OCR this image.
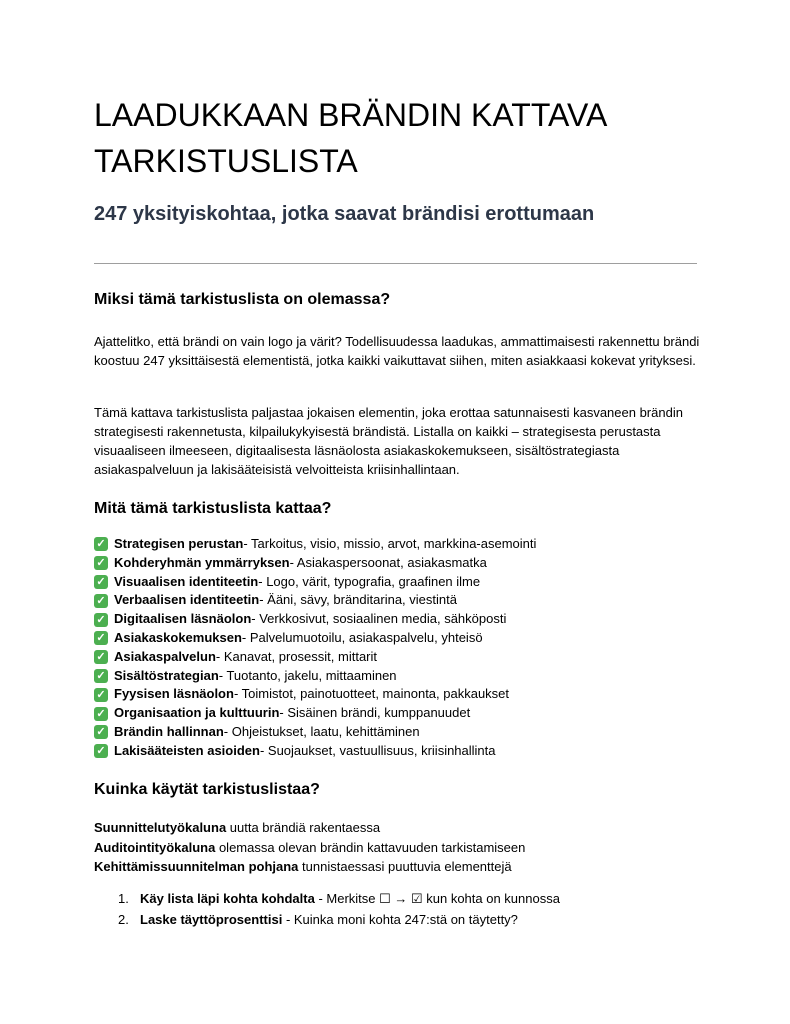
LAADUKKAAN BRÄNDIN KATTAVA TARKISTUSLISTA
247 yksityiskohtaa, jotka saavat brändisi erottumaan
Miksi tämä tarkistuslista on olemassa?

Ajattelitko, että brändi on vain logo ja värit? Todellisuudessa laadukas, ammattimaisesti rakennettu brändi koostuu 247 yksittäisestä elementistä, jotka kaikki vaikuttavat siihen, miten asiakkaasi kokevat yrityksesi.

Tämä kattava tarkistuslista paljastaa jokaisen elementin, joka erottaa satunnaisesti kasvaneen brändin strategisesti rakennetusta, kilpailukykyisestä brändistä. Listalla on kaikki – strategisesta perustasta visuaaliseen ilmeeseen, digitaalisesta läsnäolosta asiakaskokemukseen, sisältöstrategiasta asiakaspalveluun ja lakisääteisistä velvoitteista kriisinhallintaan.

Mitä tämä tarkistuslista kattaa?
✓ Strategisen perustan - Tarkoitus, visio, missio, arvot, markkina-asemointi
✓ Kohderyhmän ymmärryksen - Asiakaspersoonat, asiakasmatka
✓ Visuaalisen identiteetin - Logo, värit, typografia, graafinen ilme
✓ Verbaalisen identiteetin - Ääni, sävy, bränditarina, viestintä
✓ Digitaalisen läsnäolon - Verkkosivut, sosiaalinen media, sähköposti
✓ Asiakaskokemuksen - Palvelumuotoilu, asiakaspalvelu, yhteisö
✓ Asiakaspalvelun - Kanavat, prosessit, mittarit
✓ Sisältöstrategian - Tuotanto, jakelu, mittaaminen
✓ Fyysisen läsnäolon - Toimistot, painotuotteet, mainonta, pakkaukset
✓ Organisaation ja kulttuurin - Sisäinen brändi, kumppanuudet
✓ Brändin hallinnan - Ohjeistukset, laatu, kehittäminen
✓ Lakisääteisten asioiden - Suojaukset, vastuullisuus, kriisinhallinta
Kuinka käytät tarkistuslistaa?
Suunnittelutyökaluna uutta brändiä rakentaessa
Auditointityökaluna olemassa olevan brändin kattavuuden tarkistamiseen
Kehittämissuunnitelman pohjana tunnistaessasi puuttuvia elementtejä
1. Käy lista läpi kohta kohdalta - Merkitse ☐ → ☑ kun kohta on kunnossa
2. Laske täyttöprosenttisi - Kuinka moni kohta 247:stä on täytetty?
